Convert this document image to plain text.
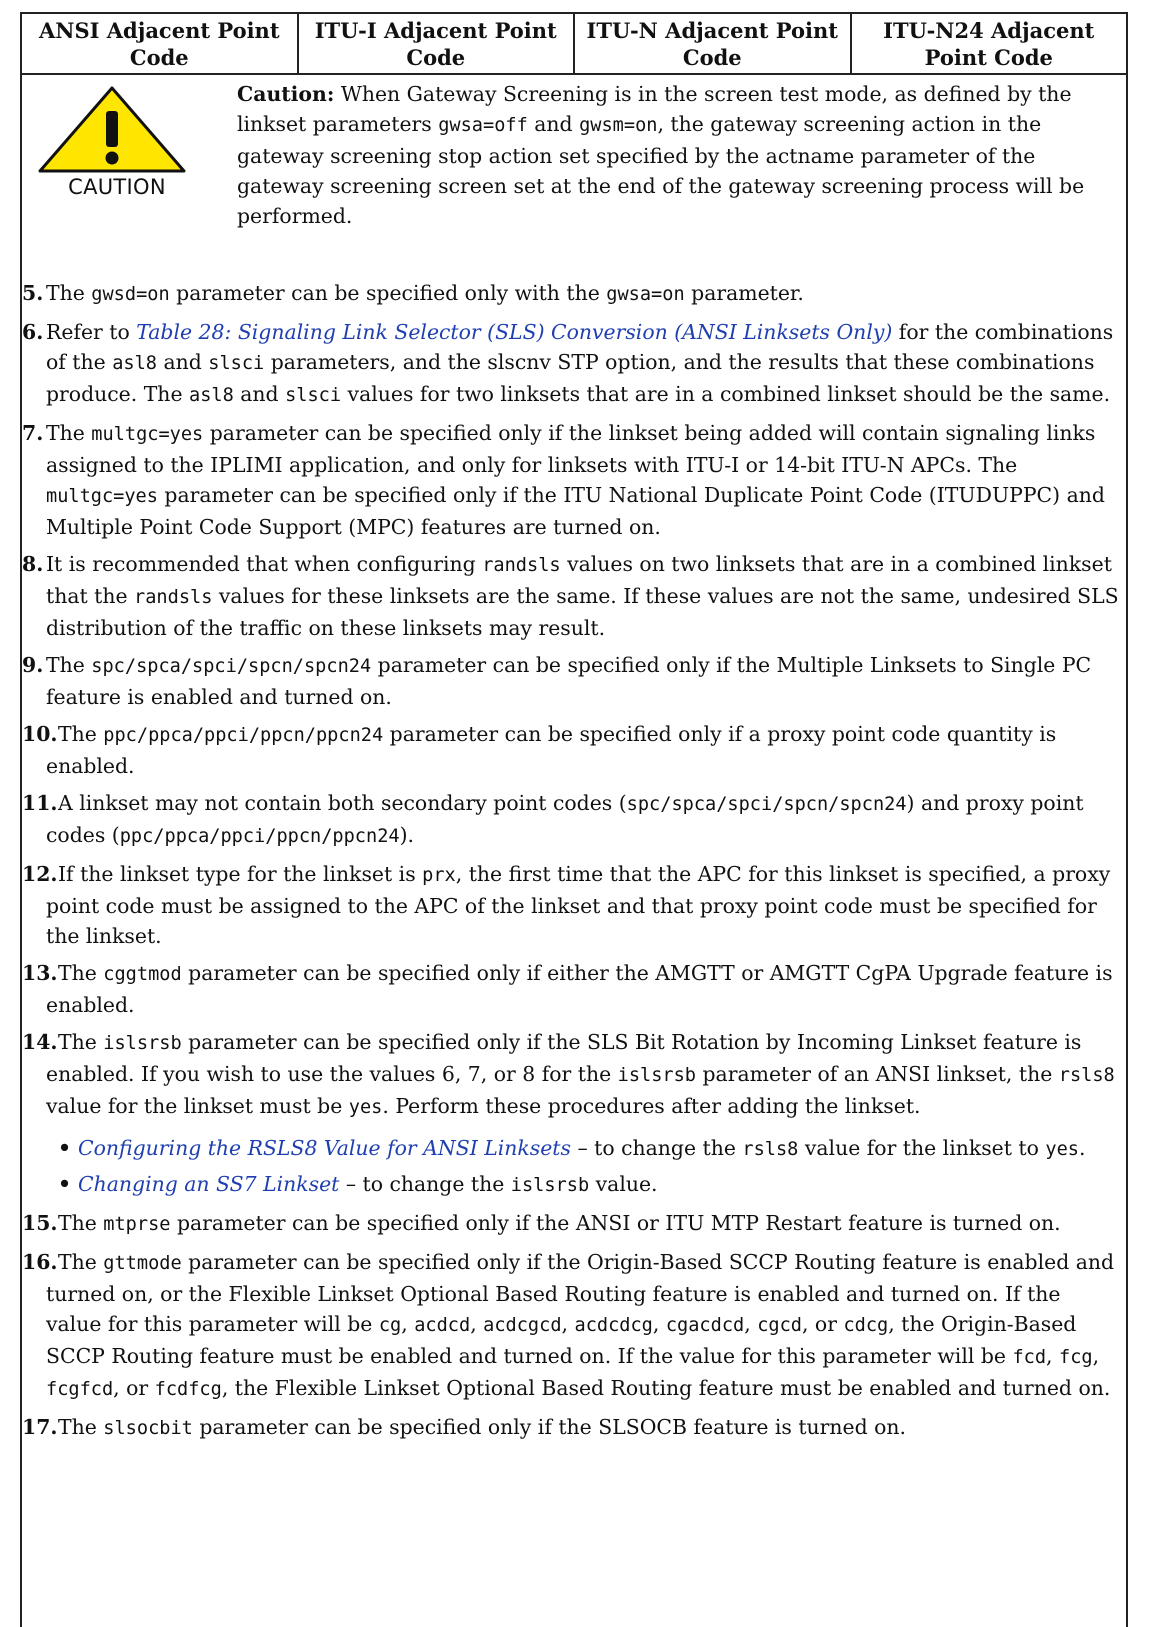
ANSI Adjacent Point Code	ITU-I Adjacent Point Code	ITU-N Adjacent Point Code	ITU-N24 Adjacent Point Code
CAUTION
Caution: When Gateway Screening is in the screen test mode, as defined by the linkset parameters gwsa=off and gwsm=on, the gateway screening action in the gateway screening stop action set specified by the actname parameter of the gateway screening screen set at the end of the gateway screening process will be performed.
5. The gwsd=on parameter can be specified only with the gwsa=on parameter.
6. Refer to Table 28: Signaling Link Selector (SLS) Conversion (ANSI Linksets Only) for the combinations of the asl8 and slsci parameters, and the slscnv STP option, and the results that these combinations produce. The asl8 and slsci values for two linksets that are in a combined linkset should be the same.
7. The multgc=yes parameter can be specified only if the linkset being added will contain signaling links assigned to the IPLIMI application, and only for linksets with ITU-I or 14-bit ITU-N APCs. The multgc=yes parameter can be specified only if the ITU National Duplicate Point Code (ITUDUPPC) and Multiple Point Code Support (MPC) features are turned on.
8. It is recommended that when configuring randsls values on two linksets that are in a combined linkset that the randsls values for these linksets are the same. If these values are not the same, undesired SLS distribution of the traffic on these linksets may result.
9. The spc/spca/spci/spcn/spcn24 parameter can be specified only if the Multiple Linksets to Single PC feature is enabled and turned on.
10. The ppc/ppca/ppci/ppcn/ppcn24 parameter can be specified only if a proxy point code quantity is enabled.
11. A linkset may not contain both secondary point codes (spc/spca/spci/spcn/spcn24) and proxy point codes (ppc/ppca/ppci/ppcn/ppcn24).
12. If the linkset type for the linkset is prx, the first time that the APC for this linkset is specified, a proxy point code must be assigned to the APC of the linkset and that proxy point code must be specified for the linkset.
13. The cggtmod parameter can be specified only if either the AMGTT or AMGTT CgPA Upgrade feature is enabled.
14. The islsrsb parameter can be specified only if the SLS Bit Rotation by Incoming Linkset feature is enabled. If you wish to use the values 6, 7, or 8 for the islsrsb parameter of an ANSI linkset, the rsls8 value for the linkset must be yes. Perform these procedures after adding the linkset.
• Configuring the RSLS8 Value for ANSI Linksets – to change the rsls8 value for the linkset to yes.
• Changing an SS7 Linkset – to change the islsrsb value.
15. The mtprse parameter can be specified only if the ANSI or ITU MTP Restart feature is turned on.
16. The gttmode parameter can be specified only if the Origin-Based SCCP Routing feature is enabled and turned on, or the Flexible Linkset Optional Based Routing feature is enabled and turned on. If the value for this parameter will be cg, acdcd, acdcgcd, acdcdcg, cgacdcd, cgcd, or cdcg, the Origin-Based SCCP Routing feature must be enabled and turned on. If the value for this parameter will be fcd, fcg, fcgfcd, or fcdfcg, the Flexible Linkset Optional Based Routing feature must be enabled and turned on.
17. The slsocbit parameter can be specified only if the SLSOCB feature is turned on.
